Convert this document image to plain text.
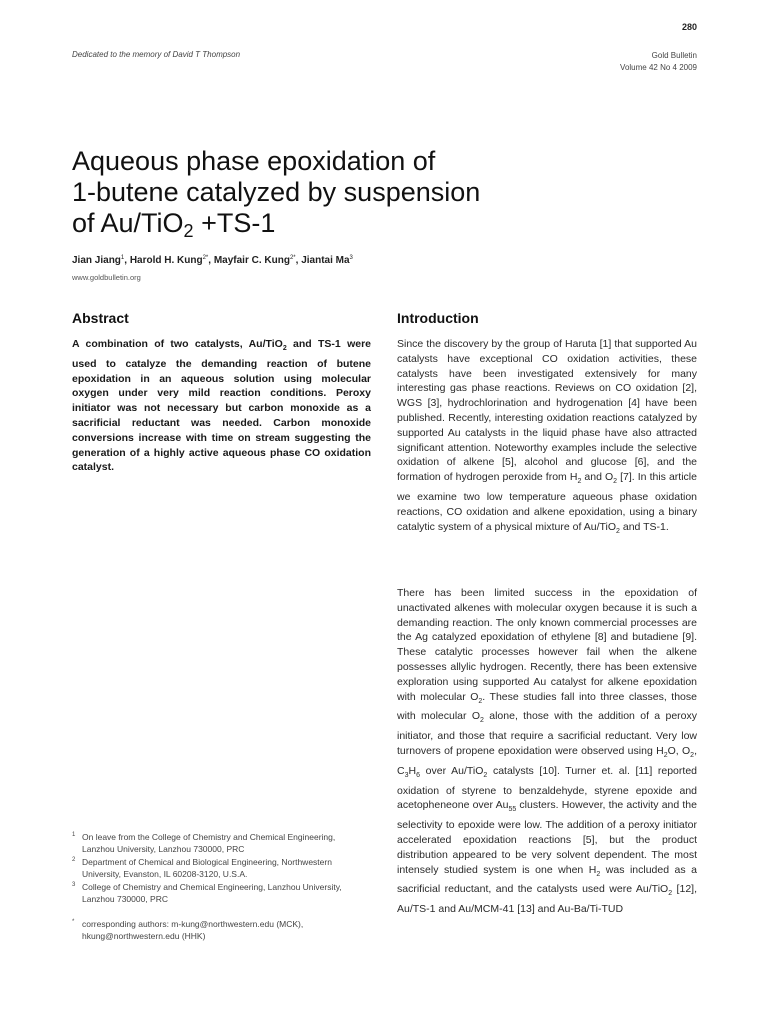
280
Dedicated to the memory of David T Thompson	Gold Bulletin
Volume 42 No 4 2009
Aqueous phase epoxidation of
1-butene catalyzed by suspension
of Au/TiO$_2$ +TS-1
Jian Jiang$^1$, Harold H. Kung$^{2*}$, Mayfair C. Kung$^{2*}$, Jiantai Ma$^3$
www.goldbulletin.org
Abstract

A combination of two catalysts, Au/TiO$_2$ and TS-1 were used to catalyze the demanding reaction of butene epoxidation in an aqueous solution using molecular oxygen under very mild reaction conditions. Peroxy initiator was not necessary but carbon monoxide as a sacrificial reductant was needed. Carbon monoxide conversions increase with time on stream suggesting the generation of a highly active aqueous phase CO oxidation catalyst.

Introduction

Since the discovery by the group of Haruta [1] that supported Au catalysts have exceptional CO oxidation activities, these catalysts have been investigated extensively for many interesting gas phase reactions. Reviews on CO oxidation [2], WGS [3], hydrochlorination and hydrogenation [4] have been published. Recently, interesting oxidation reactions catalyzed by supported Au catalysts in the liquid phase have also attracted significant attention. Noteworthy examples include the selective oxidation of alkene [5], alcohol and glucose [6], and the formation of hydrogen peroxide from $H_2$ and $O_2$ [7]. In this article we examine two low temperature aqueous phase oxidation reactions, CO oxidation and alkene epoxidation, using a binary catalytic system of a physical mixture of Au/TiO$_2$ and TS-1.

There has been limited success in the epoxidation of unactivated alkenes with molecular oxygen because it is such a demanding reaction. The only known commercial processes are the Ag catalyzed epoxidation of ethylene [8] and butadiene [9]. These catalytic processes however fail when the alkene possesses allylic hydrogen. Recently, there has been extensive exploration using supported Au catalyst for alkene epoxidation with molecular $O_2$. These studies fall into three classes, those with molecular $O_2$ alone, those with the addition of a peroxy initiator, and those that require a sacrificial reductant. Very low turnovers of propene epoxidation were observed using $H_2O$, $O_2$, $C_3H_6$ over Au/TiO$_2$ catalysts [10]. Turner et. al. [11] reported oxidation of styrene to benzaldehyde, styrene epoxide and acetopheneone over $Au_{55}$ clusters. However, the activity and the selectivity to epoxide were low. The addition of a peroxy initiator accelerated epoxidation reactions [5], but the product distribution appeared to be very solvent dependent. The most intensely studied system is one when $H_2$ was included as a sacrificial reductant, and the catalysts used were Au/TiO$_2$ [12], Au/TS-1 and Au/MCM-41 [13] and Au-Ba/Ti-TUD

1 On leave from the College of Chemistry and Chemical Engineering, Lanzhou University, Lanzhou 730000, PRC

2 Department of Chemical and Biological Engineering, Northwestern University, Evanston, IL 60208-3120, U.S.A.

3 College of Chemistry and Chemical Engineering, Lanzhou University, Lanzhou 730000, PRC

* corresponding authors: m-kung@northwestern.edu (MCK), hkung@northwestern.edu (HHK)
